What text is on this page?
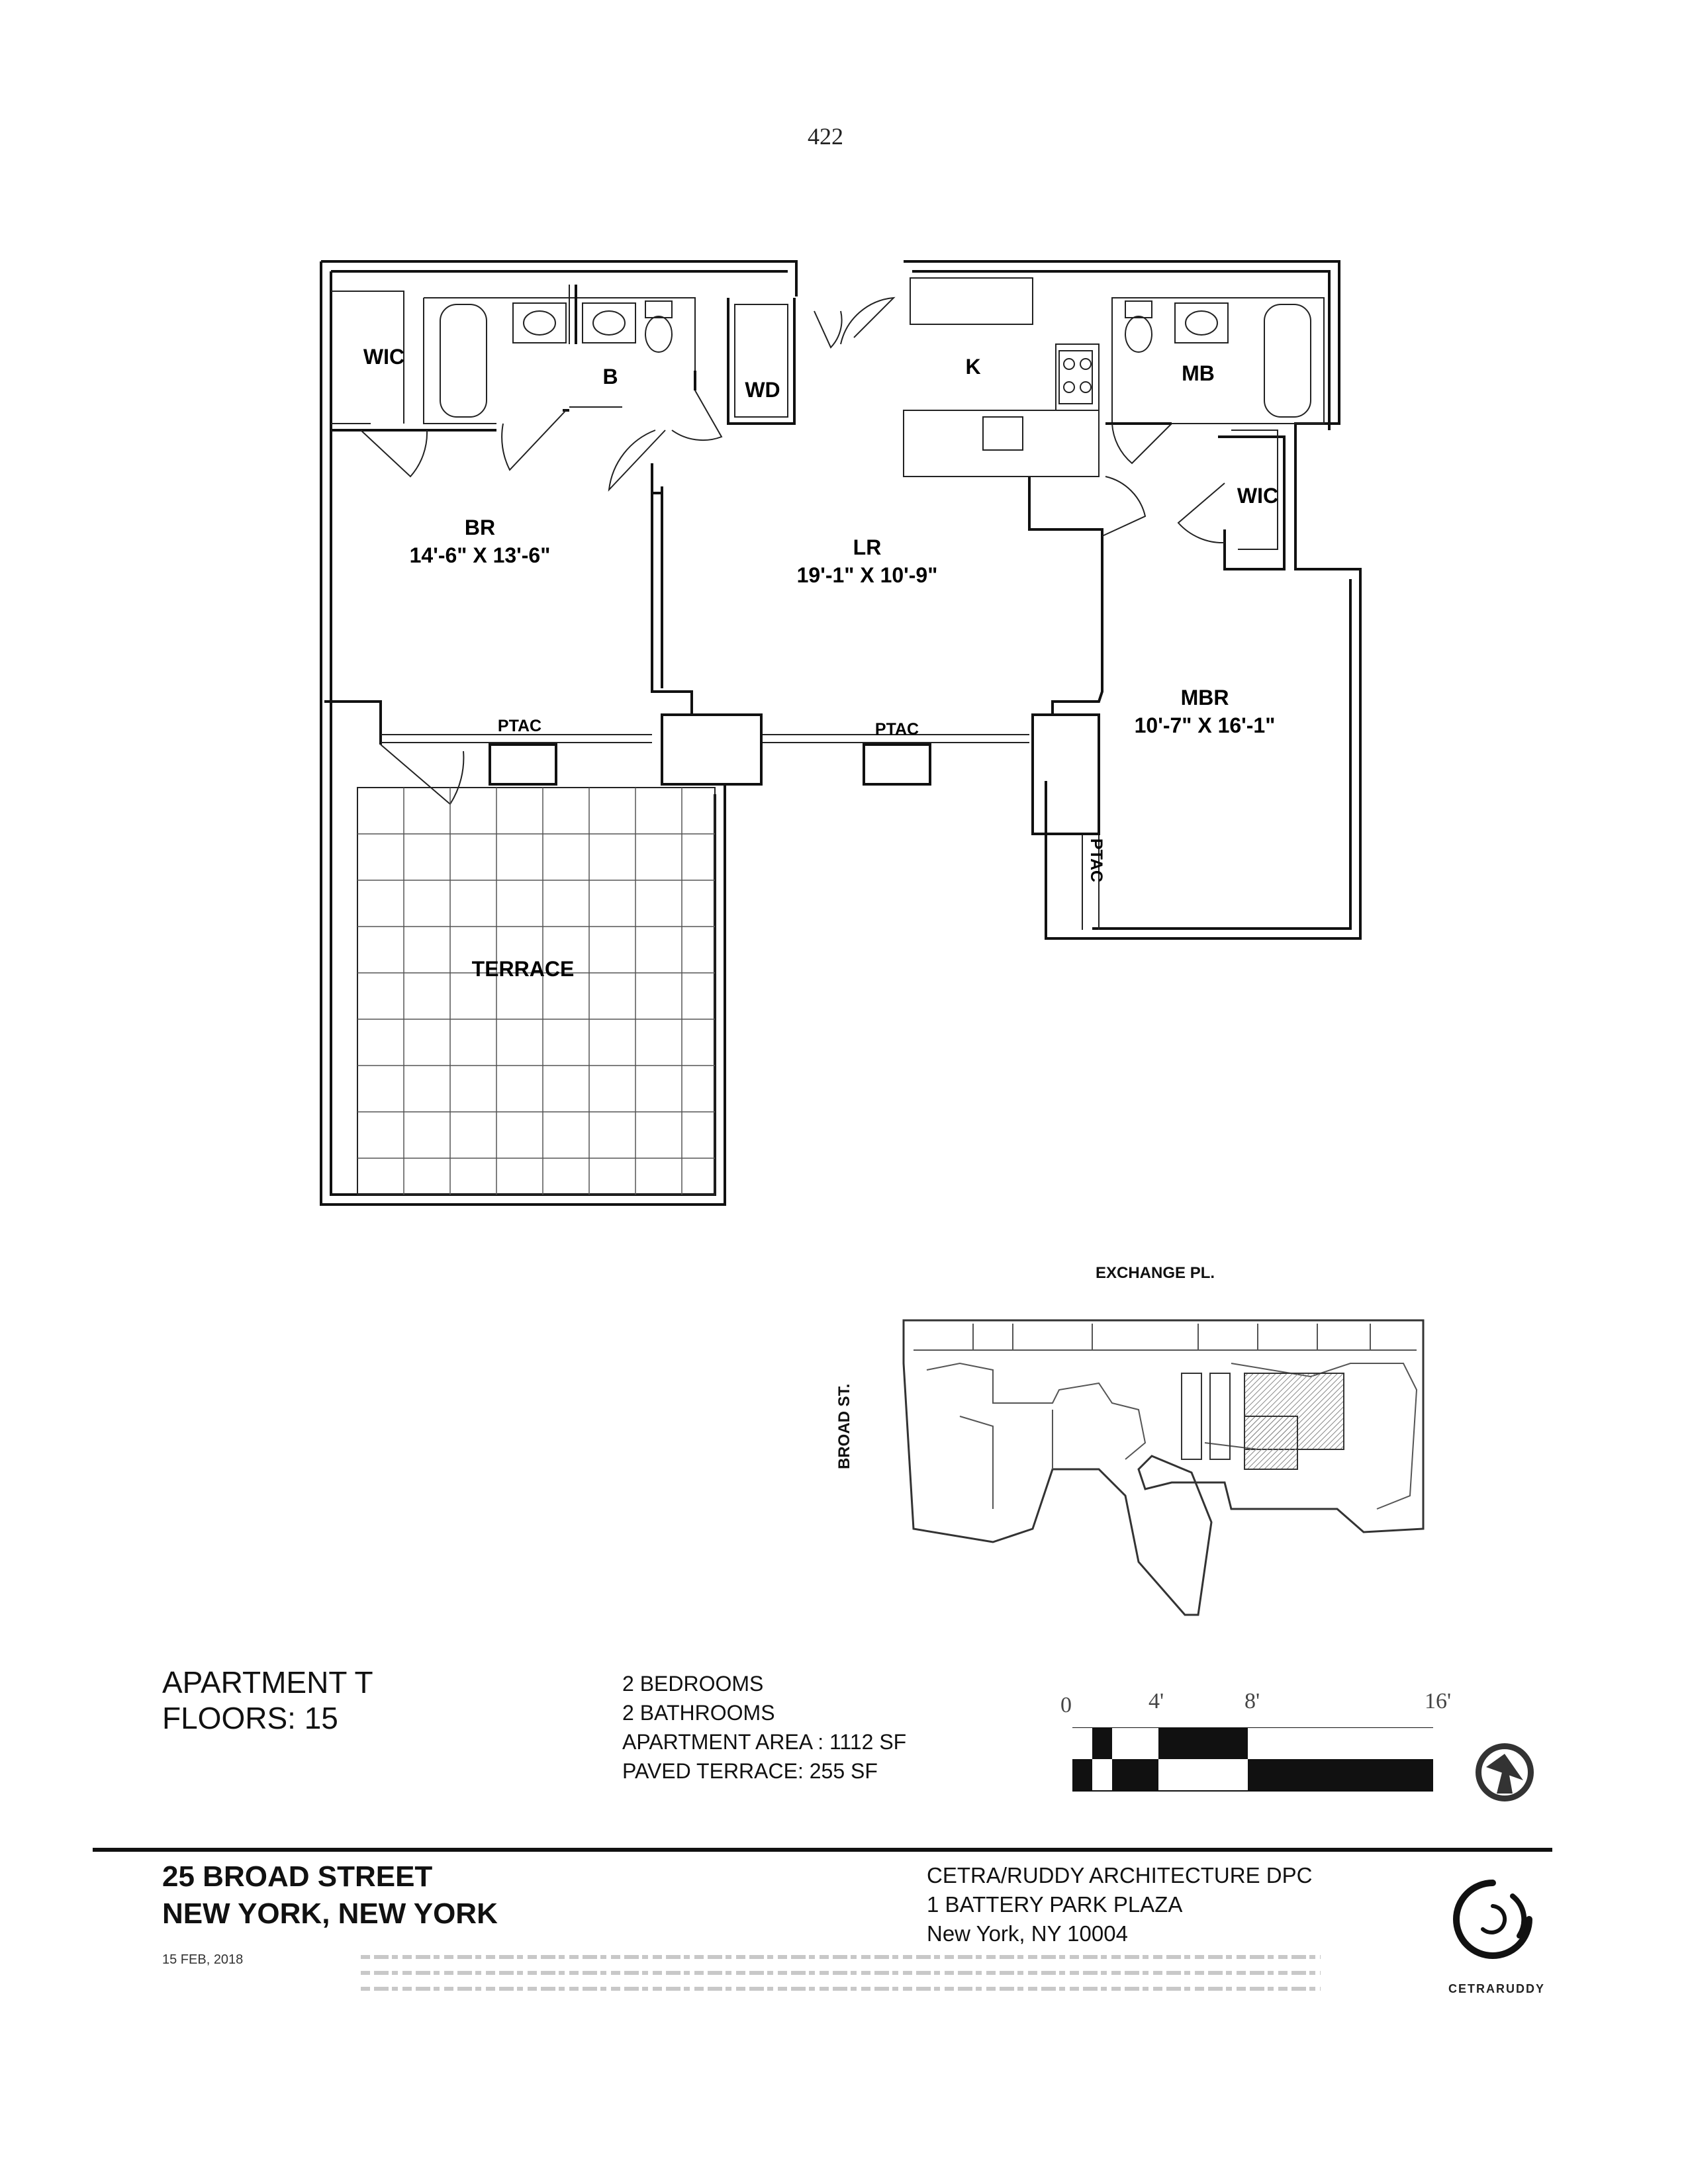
422
WIC
B
WD
K	MB
WIC
BR
14'-6" X 13'-6"	LR
19'-1" X 10'-9"
MBR
10'-7" X 16'-1"
TERRACE
PTAC	PTAC
PTAC
EXCHANGE PL.
BROAD ST.
APARTMENT T
FLOORS: 15
2 BEDROOMS
2 BATHROOMS
APARTMENT AREA : 1112 SF
PAVED TERRACE: 255 SF
0	4'	8'	16'
25 BROAD STREET
NEW YORK, NEW YORK
CETRA/RUDDY ARCHITECTURE DPC
1 BATTERY PARK PLAZA
New York, NY 10004
15 FEB, 2018
CETRARUDDY
